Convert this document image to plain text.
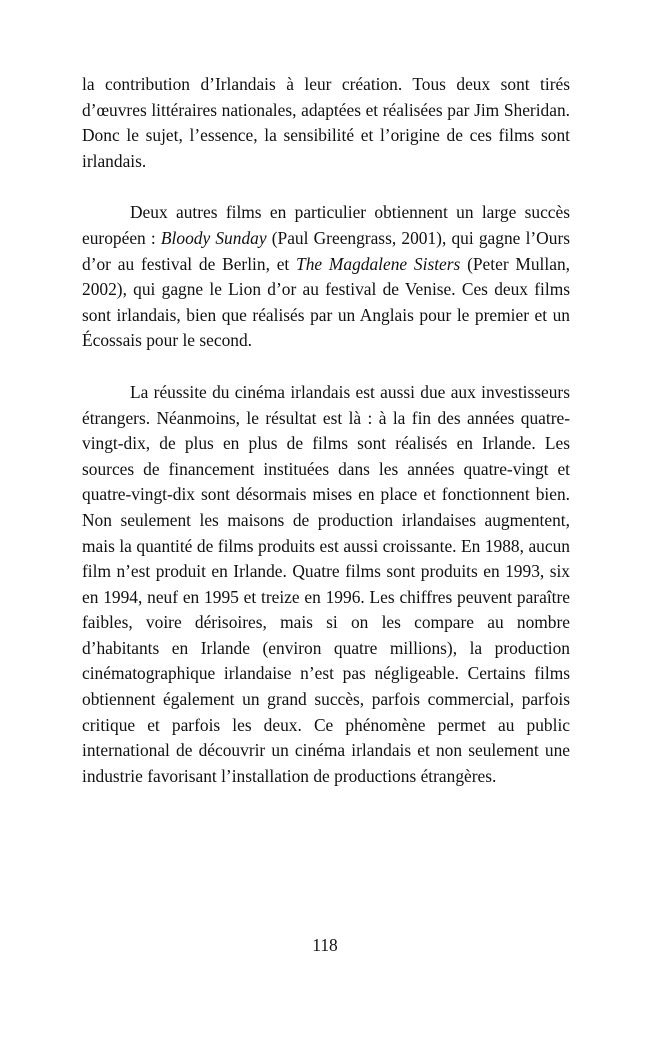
la contribution d’Irlandais à leur création. Tous deux sont tirés d’œuvres littéraires nationales, adaptées et réalisées par Jim Sheridan. Donc le sujet, l’essence, la sensibilité et l’origine de ces films sont irlandais.

Deux autres films en particulier obtiennent un large succès européen : Bloody Sunday (Paul Greengrass, 2001), qui gagne l’Ours d’or au festival de Berlin, et The Magdalene Sisters (Peter Mullan, 2002), qui gagne le Lion d’or au festival de Venise. Ces deux films sont irlandais, bien que réalisés par un Anglais pour le premier et un Écossais pour le second.

La réussite du cinéma irlandais est aussi due aux investisseurs étrangers. Néanmoins, le résultat est là : à la fin des années quatre-vingt-dix, de plus en plus de films sont réalisés en Irlande. Les sources de financement instituées dans les années quatre-vingt et quatre-vingt-dix sont désormais mises en place et fonctionnent bien. Non seulement les maisons de production irlandaises augmentent, mais la quantité de films produits est aussi croissante. En 1988, aucun film n’est produit en Irlande. Quatre films sont produits en 1993, six en 1994, neuf en 1995 et treize en 1996. Les chiffres peuvent paraître faibles, voire dérisoires, mais si on les compare au nombre d’habitants en Irlande (environ quatre millions), la production cinématographique irlandaise n’est pas négligeable. Certains films obtiennent également un grand succès, parfois commercial, parfois critique et parfois les deux. Ce phénomène permet au public international de découvrir un cinéma irlandais et non seulement une industrie favorisant l’installation de productions étrangères.

118
